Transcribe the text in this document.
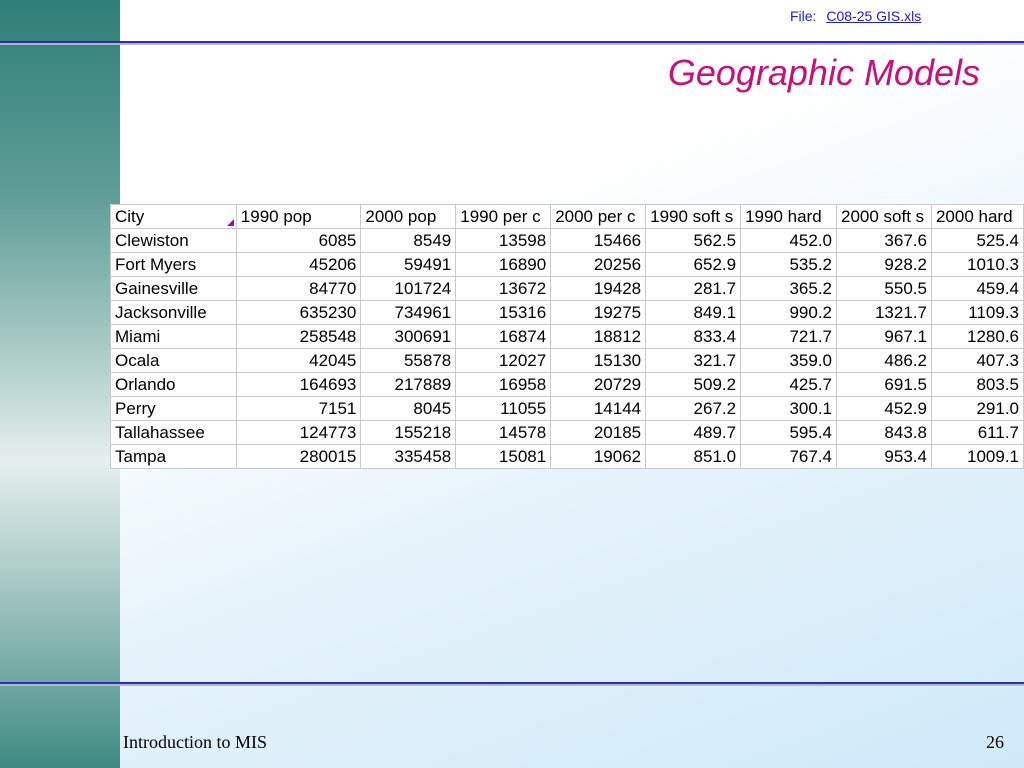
File: C08-25 GIS.xls
Geographic Models
City	1990 pop	2000 pop	1990 per c	2000 per c	1990 soft s	1990 hard	2000 soft s	2000 hard
Clewiston	6085	8549	13598	15466	562.5	452.0	367.6	525.4
Fort Myers	45206	59491	16890	20256	652.9	535.2	928.2	1010.3
Gainesville	84770	101724	13672	19428	281.7	365.2	550.5	459.4
Jacksonville	635230	734961	15316	19275	849.1	990.2	1321.7	1109.3
Miami	258548	300691	16874	18812	833.4	721.7	967.1	1280.6
Ocala	42045	55878	12027	15130	321.7	359.0	486.2	407.3
Orlando	164693	217889	16958	20729	509.2	425.7	691.5	803.5
Perry	7151	8045	11055	14144	267.2	300.1	452.9	291.0
Tallahassee	124773	155218	14578	20185	489.7	595.4	843.8	611.7
Tampa	280015	335458	15081	19062	851.0	767.4	953.4	1009.1
Introduction to MIS	26
